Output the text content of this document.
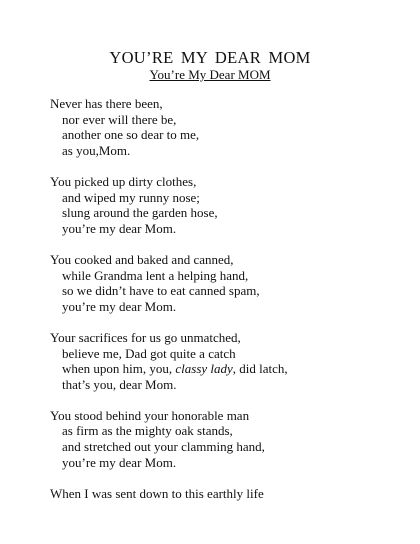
YOU’RE MY DEAR MOM
You’re My Dear MOM
Never has there been,
nor ever will there be,
another one so dear to me,
as you,Mom.
You picked up dirty clothes,
and wiped my runny nose;
slung around the garden hose,
you’re my dear Mom.
You cooked and baked and canned,
while Grandma lent a helping hand,
so we didn’t have to eat canned spam,
you’re my dear Mom.
Your sacrifices for us go unmatched,
believe me, Dad got quite a catch
when upon him, you, classy lady, did latch,
that’s you, dear Mom.
You stood behind your honorable man
as firm as the mighty oak stands,
and stretched out your clamming hand,
you’re my dear Mom.
When I was sent down to this earthly life
